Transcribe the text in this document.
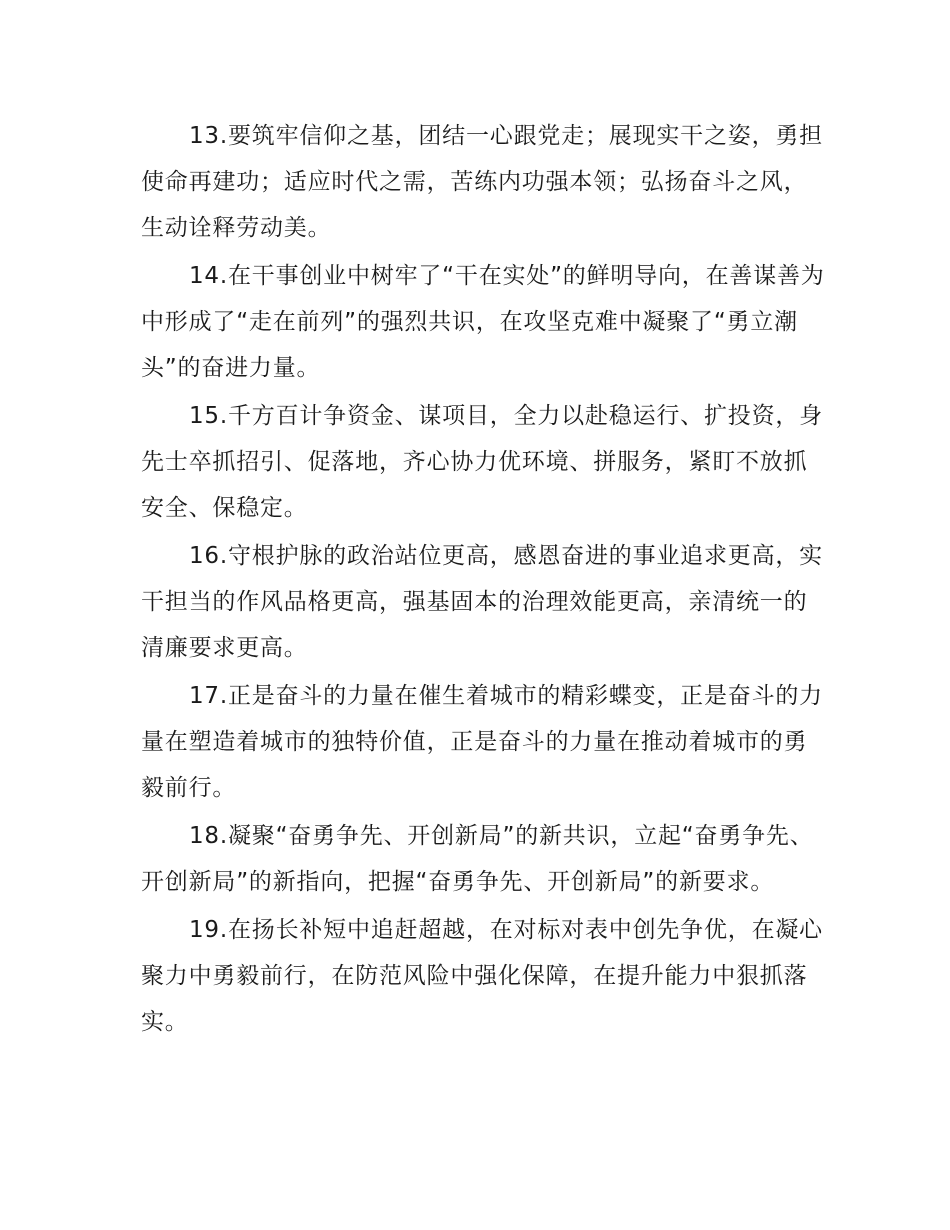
13.要筑牢信仰之基，团结一心跟党走；展现实干之姿，勇担使命再建功；适应时代之需，苦练内功强本领；弘扬奋斗之风，生动诠释劳动美。

14.在干事创业中树牢了“干在实处”的鲜明导向，在善谋善为中形成了“走在前列”的强烈共识，在攻坚克难中凝聚了“勇立潮头”的奋进力量。

15.千方百计争资金、谋项目，全力以赴稳运行、扩投资，身先士卒抓招引、促落地，齐心协力优环境、拼服务，紧盯不放抓安全、保稳定。

16.守根护脉的政治站位更高，感恩奋进的事业追求更高，实干担当的作风品格更高，强基固本的治理效能更高，亲清统一的清廉要求更高。

17.正是奋斗的力量在催生着城市的精彩蝶变，正是奋斗的力量在塑造着城市的独特价值，正是奋斗的力量在推动着城市的勇毅前行。

18.凝聚“奋勇争先、开创新局”的新共识，立起“奋勇争先、开创新局”的新指向，把握“奋勇争先、开创新局”的新要求。

19.在扬长补短中追赶超越，在对标对表中创先争优，在凝心聚力中勇毅前行，在防范风险中强化保障，在提升能力中狠抓落实。
